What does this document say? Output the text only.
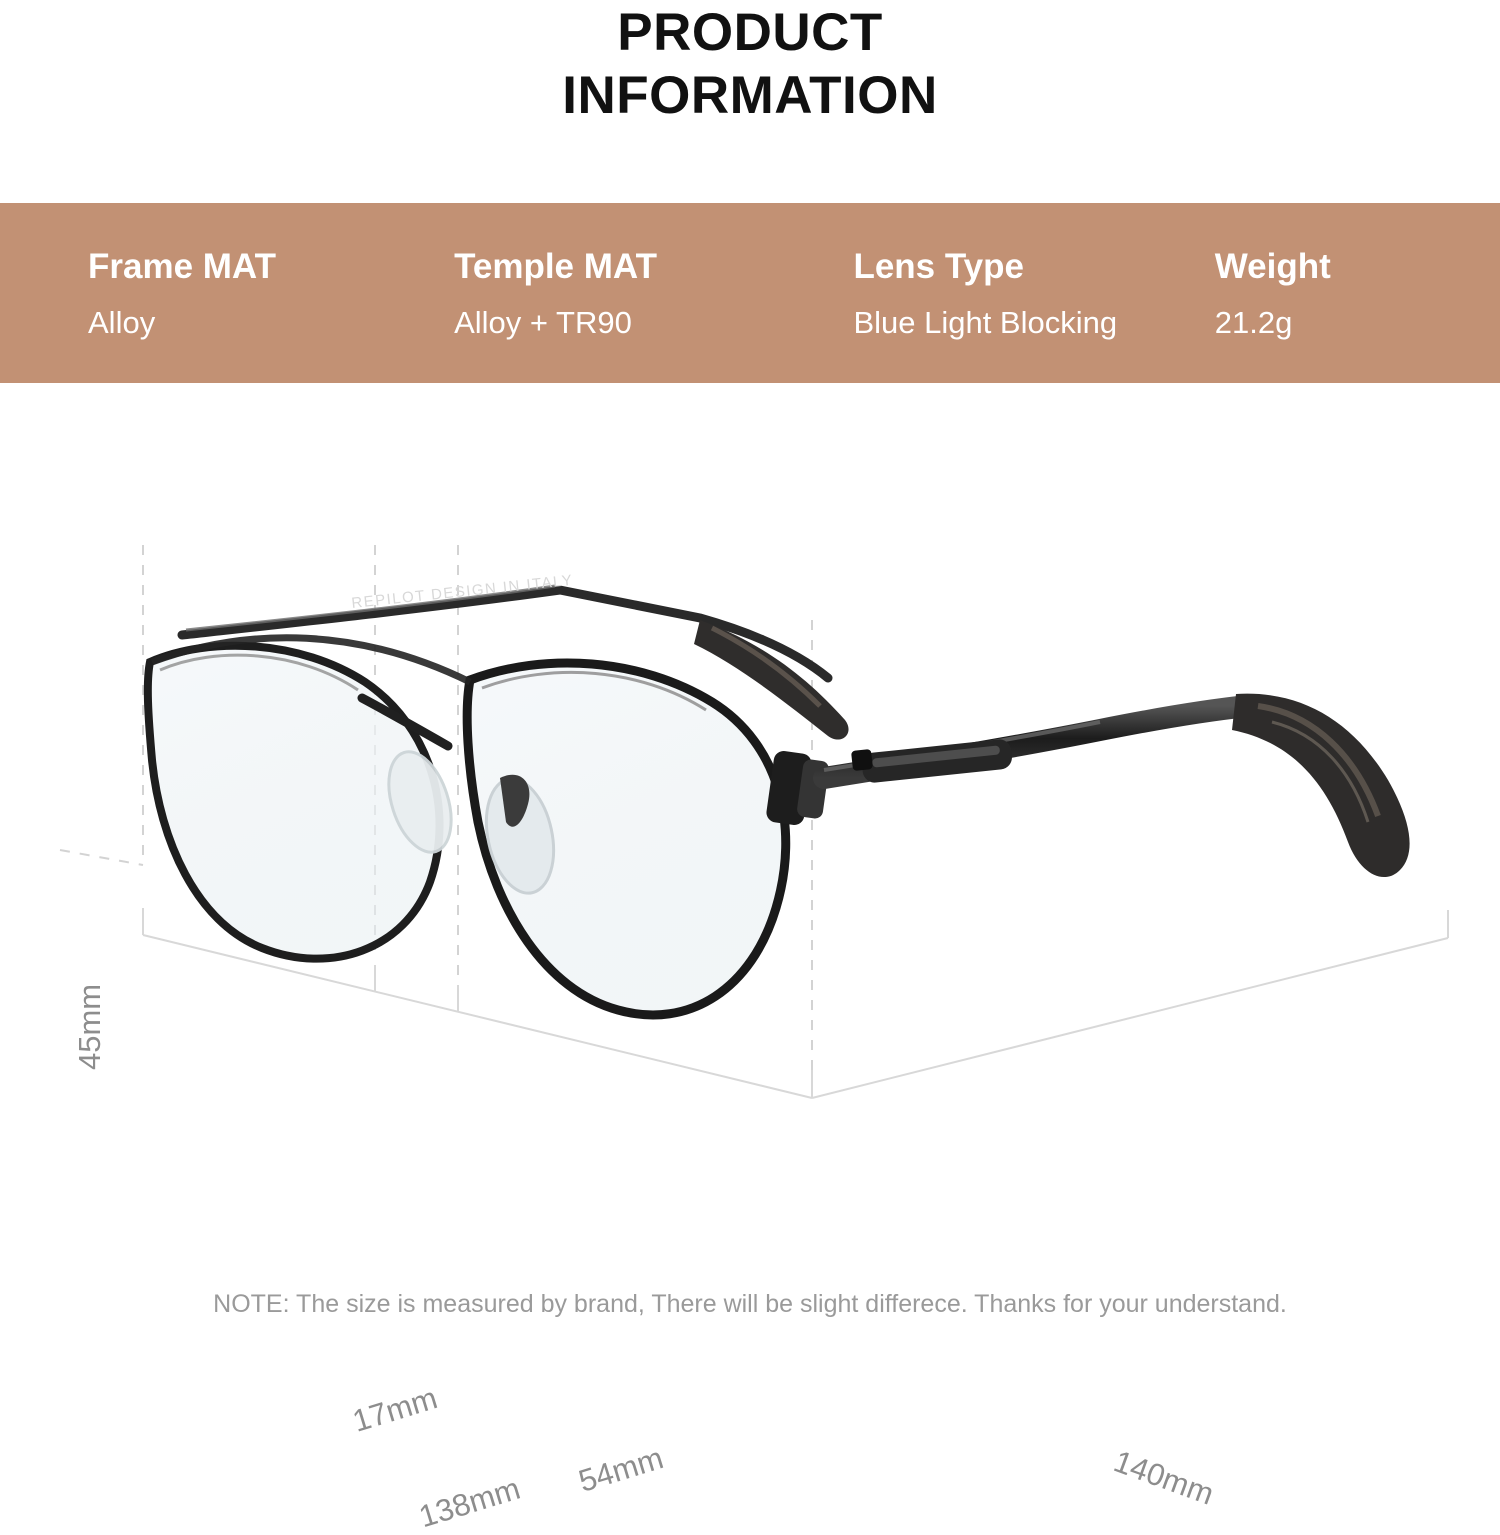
PRODUCT
INFORMATION
Frame MAT
Alloy
Temple MAT
Alloy + TR90
Lens Type
Blue Light Blocking
Weight
21.2g
REPILOT DESIGN IN ITALY
45mm
17mm
54mm
138mm	140mm
NOTE: The size is measured by brand, There will be slight differece. Thanks for your understand.
